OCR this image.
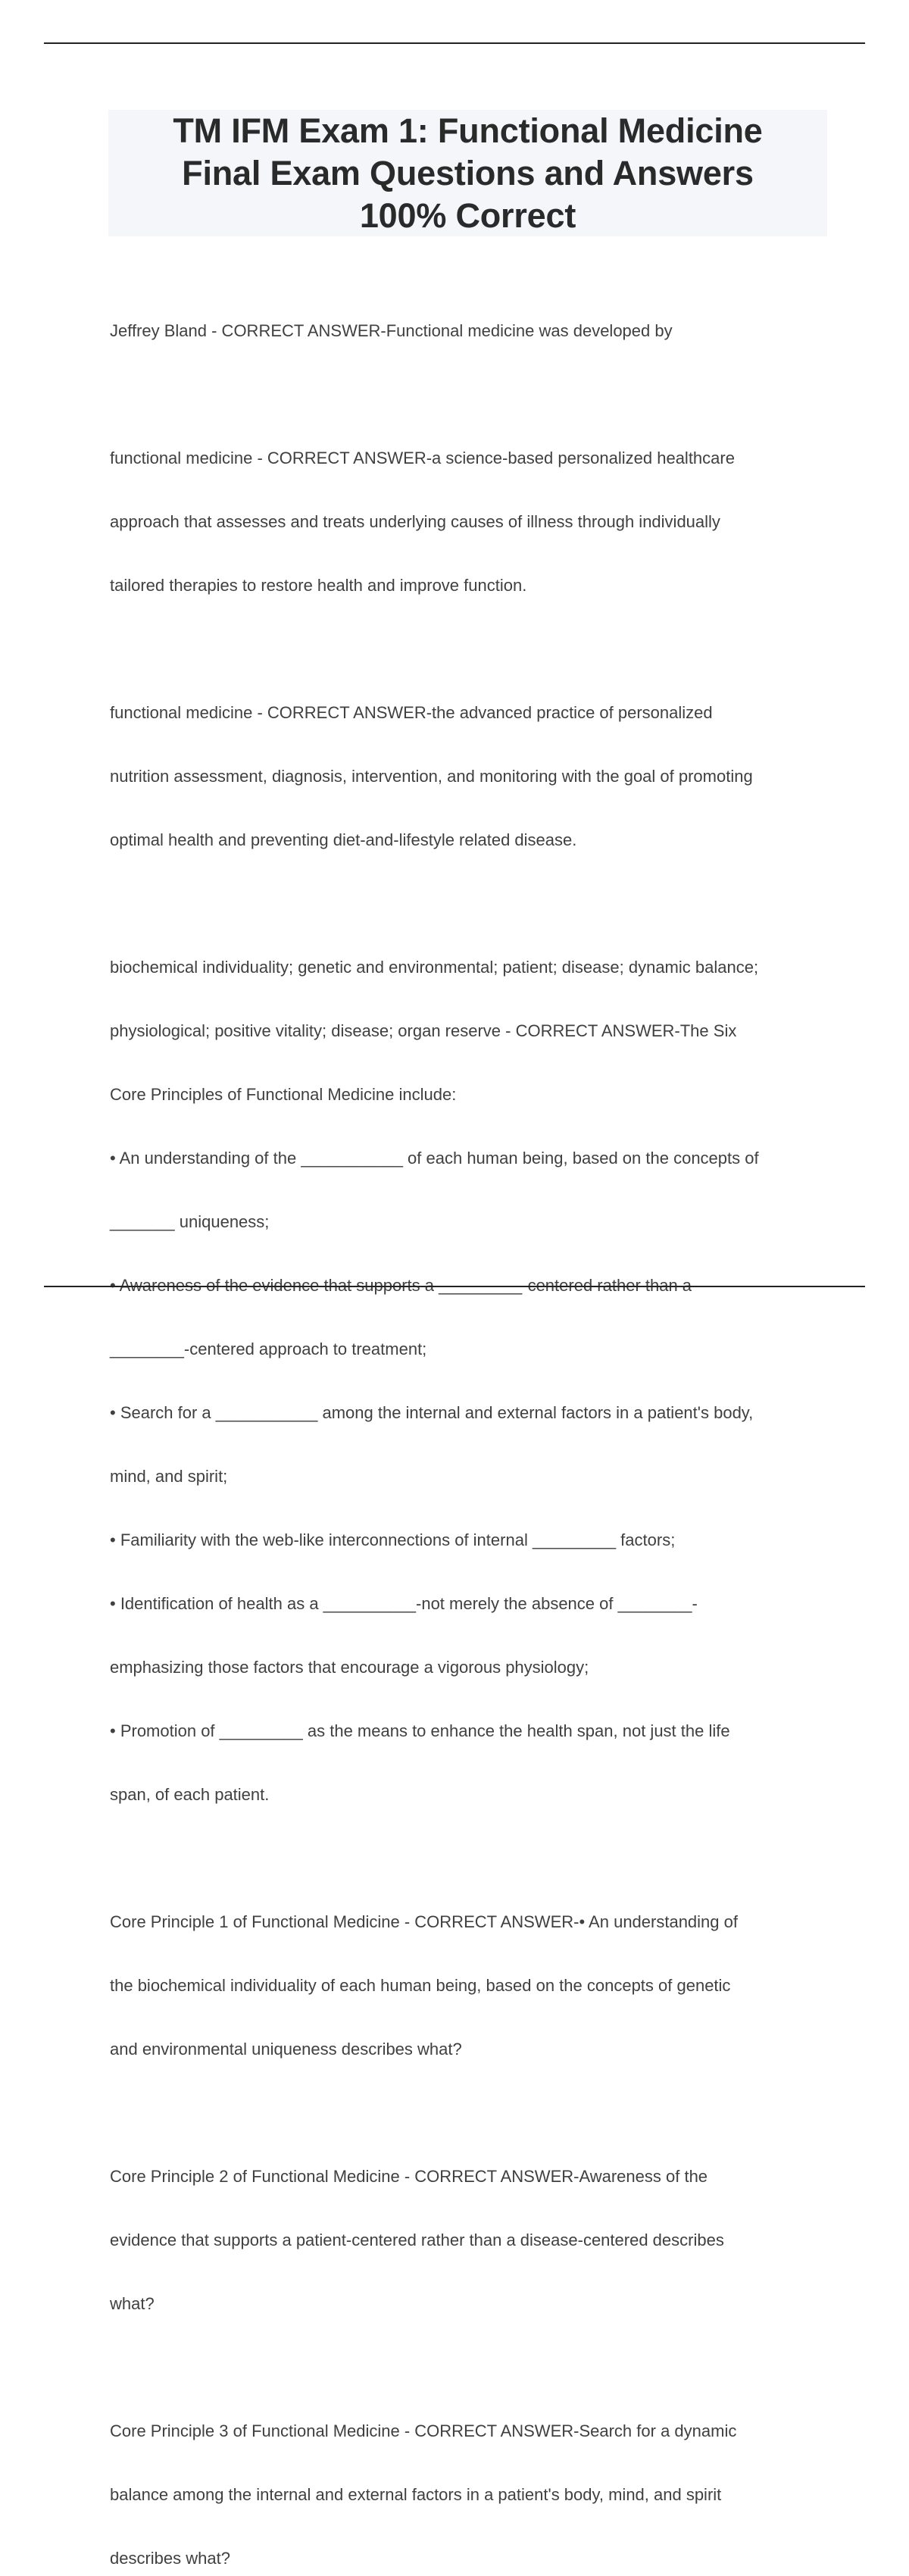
TM IFM Exam 1: Functional Medicine
Final Exam Questions and Answers
100% Correct

Jeffrey Bland - CORRECT ANSWER-Functional medicine was developed by

functional medicine - CORRECT ANSWER-a science-based personalized healthcare

approach that assesses and treats underlying causes of illness through individually

tailored therapies to restore health and improve function.

functional medicine - CORRECT ANSWER-the advanced practice of personalized

nutrition assessment, diagnosis, intervention, and monitoring with the goal of promoting

optimal health and preventing diet-and-lifestyle related disease.

biochemical individuality; genetic and environmental; patient; disease; dynamic balance;

physiological; positive vitality; disease; organ reserve - CORRECT ANSWER-The Six

Core Principles of Functional Medicine include:

• An understanding of the ___________ of each human being, based on the concepts of

_______ uniqueness;

• Awareness of the evidence that supports a _________-centered rather than a

________-centered approach to treatment;

• Search for a ___________ among the internal and external factors in a patient's body,

mind, and spirit;

• Familiarity with the web-like interconnections of internal _________ factors;

• Identification of health as a __________-not merely the absence of ________-

emphasizing those factors that encourage a vigorous physiology;

• Promotion of _________ as the means to enhance the health span, not just the life

span, of each patient.

Core Principle 1 of Functional Medicine - CORRECT ANSWER-• An understanding of

the biochemical individuality of each human being, based on the concepts of genetic

and environmental uniqueness describes what?

Core Principle 2 of Functional Medicine - CORRECT ANSWER-Awareness of the

evidence that supports a patient-centered rather than a disease-centered describes

what?

Core Principle 3 of Functional Medicine - CORRECT ANSWER-Search for a dynamic

balance among the internal and external factors in a patient's body, mind, and spirit

describes what?
